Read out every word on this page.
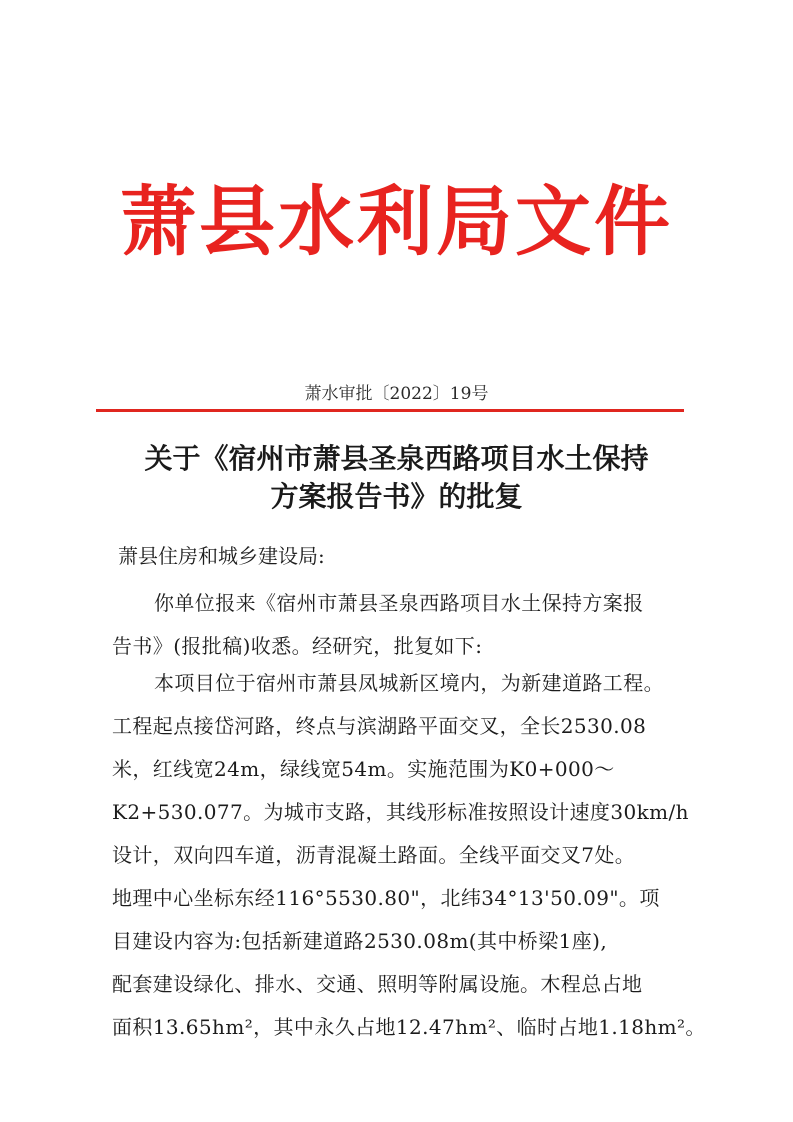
萧县水利局文件
萧水审批〔2022〕19号
关于《宿州市萧县圣泉西路项目水土保持
方案报告书》的批复
萧县住房和城乡建设局:
你单位报来《宿州市萧县圣泉西路项目水土保持方案报
告书》(报批稿)收悉。经研究，批复如下:
本项目位于宿州市萧县凤城新区境内，为新建道路工程。
工程起点接岱河路，终点与滨湖路平面交叉，全长2530.08
米，红线宽24m，绿线宽54m。实施范围为K0+000～
K2+530.077。为城市支路，其线形标准按照设计速度30km/h
设计，双向四车道，沥青混凝土路面。全线平面交叉7处。
地理中心坐标东经116°5530.80"，北纬34°13'50.09"。项
目建设内容为:包括新建道路2530.08m(其中桥梁1座),
配套建设绿化、排水、交通、照明等附属设施。木程总占地
面积13.65hm²，其中永久占地12.47hm²、临时占地1.18hm²。
